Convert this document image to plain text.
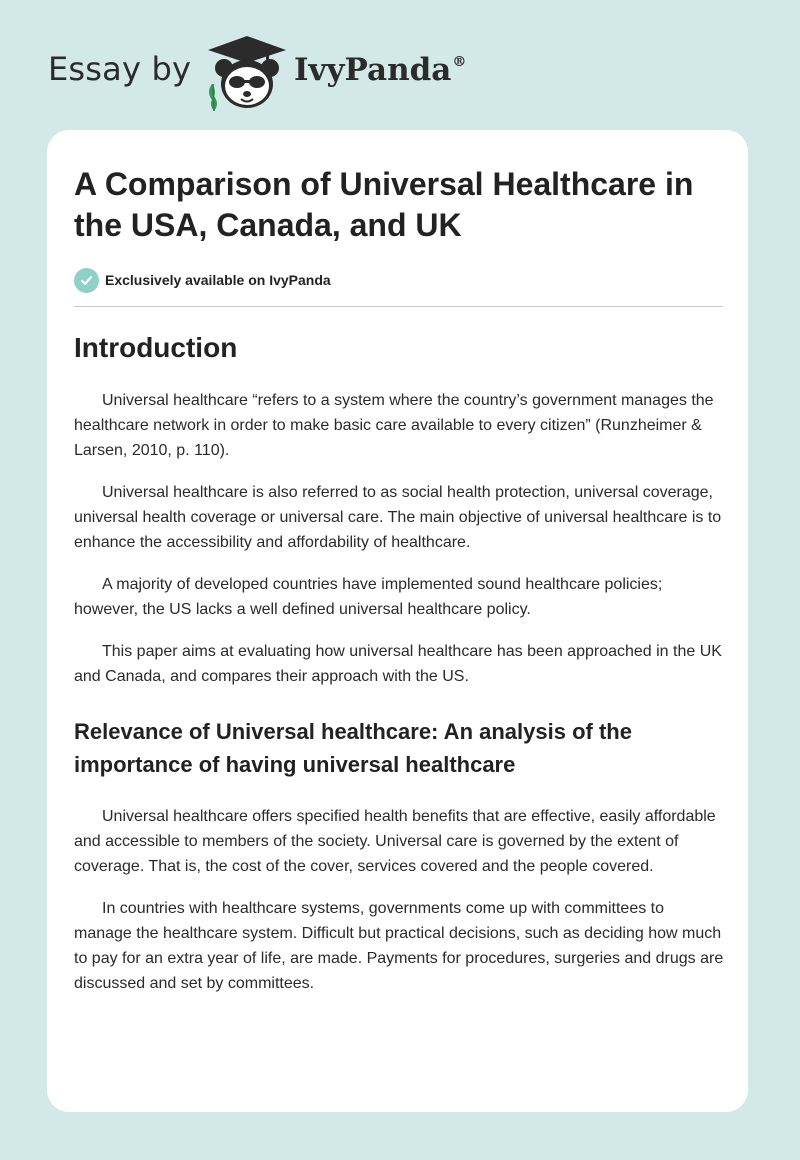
Essay by	IvyPanda®
A Comparison of Universal Healthcare in the USA, Canada, and UK
Exclusively available on IvyPanda
Introduction

Universal healthcare “refers to a system where the country’s government manages the healthcare network in order to make basic care available to every citizen” (Runzheimer & Larsen, 2010, p. 110).

Universal healthcare is also referred to as social health protection, universal coverage, universal health coverage or universal care. The main objective of universal healthcare is to enhance the accessibility and affordability of healthcare.

A majority of developed countries have implemented sound healthcare policies; however, the US lacks a well defined universal healthcare policy.

This paper aims at evaluating how universal healthcare has been approached in the UK and Canada, and compares their approach with the US.

Relevance of Universal healthcare: An analysis of the importance of having universal healthcare

Universal healthcare offers specified health benefits that are effective, easily affordable and accessible to members of the society. Universal care is governed by the extent of coverage. That is, the cost of the cover, services covered and the people covered.

In countries with healthcare systems, governments come up with committees to manage the healthcare system. Difficult but practical decisions, such as deciding how much to pay for an extra year of life, are made. Payments for procedures, surgeries and drugs are discussed and set by committees.
